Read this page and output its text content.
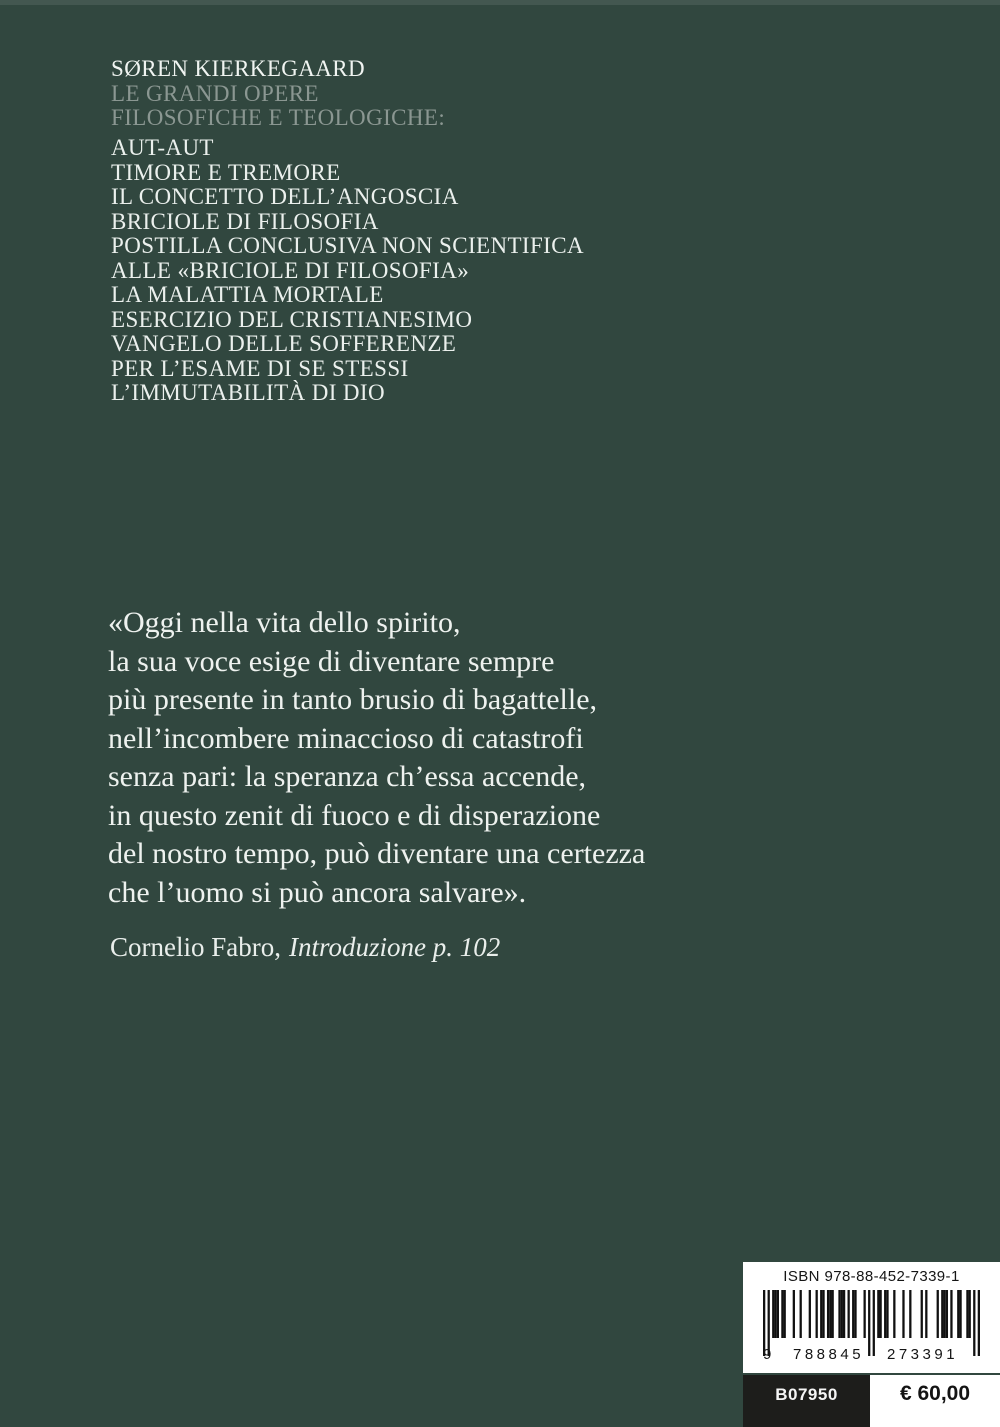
SØREN KIERKEGAARD
LE GRANDI OPERE
FILOSOFICHE E TEOLOGICHE:
AUT-AUT
TIMORE E TREMORE
IL CONCETTO DELL’ANGOSCIA
BRICIOLE DI FILOSOFIA
POSTILLA CONCLUSIVA NON SCIENTIFICA
ALLE «BRICIOLE DI FILOSOFIA»
LA MALATTIA MORTALE
ESERCIZIO DEL CRISTIANESIMO
VANGELO DELLE SOFFERENZE
PER L’ESAME DI SE STESSI
L’IMMUTABILITÀ DI DIO
«Oggi nella vita dello spirito,
la sua voce esige di diventare sempre
più presente in tanto brusio di bagattelle,
nell’incombere minaccioso di catastrofi
senza pari: la speranza ch’essa accende,
in questo zenit di fuoco e di disperazione
del nostro tempo, può diventare una certezza
che l’uomo si può ancora salvare».
Cornelio Fabro, Introduzione p. 102
ISBN 978-88-452-7339-1
9 788845 273391
B07950	€ 60,00
